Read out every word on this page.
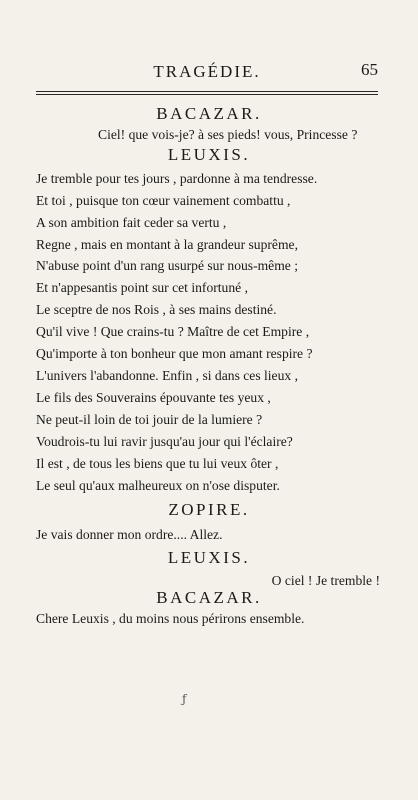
TRAGÉDIE.	65
BACAZAR.
Ciel! que vois-je? à ses pieds! vous, Princesse ?
LEUXIS.
Je tremble pour tes jours , pardonne à ma tendresse.
Et toi , puisque ton cœur vainement combattu ,
A son ambition fait ceder sa vertu ,
Regne , mais en montant à la grandeur suprême,
N'abuse point d'un rang usurpé sur nous-même ;
Et n'appesantis point sur cet infortuné ,
Le sceptre de nos Rois , à ses mains destiné.
Qu'il vive ! Que crains-tu ? Maître de cet Empire ,
Qu'importe à ton bonheur que mon amant respire ?
L'univers l'abandonne. Enfin , si dans ces lieux ,
Le fils des Souverains épouvante tes yeux ,
Ne peut-il loin de toi jouir de la lumiere ?
Voudrois-tu lui ravir jusqu'au jour qui l'éclaire?
Il est , de tous les biens que tu lui veux ôter ,
Le seul qu'aux malheureux on n'ose disputer.
ZOPIRE.
Je vais donner mon ordre.... Allez.
LEUXIS.
O ciel ! Je tremble !
BACAZAR.
Chere Leuxis , du moins nous périrons ensemble.
ƒ
